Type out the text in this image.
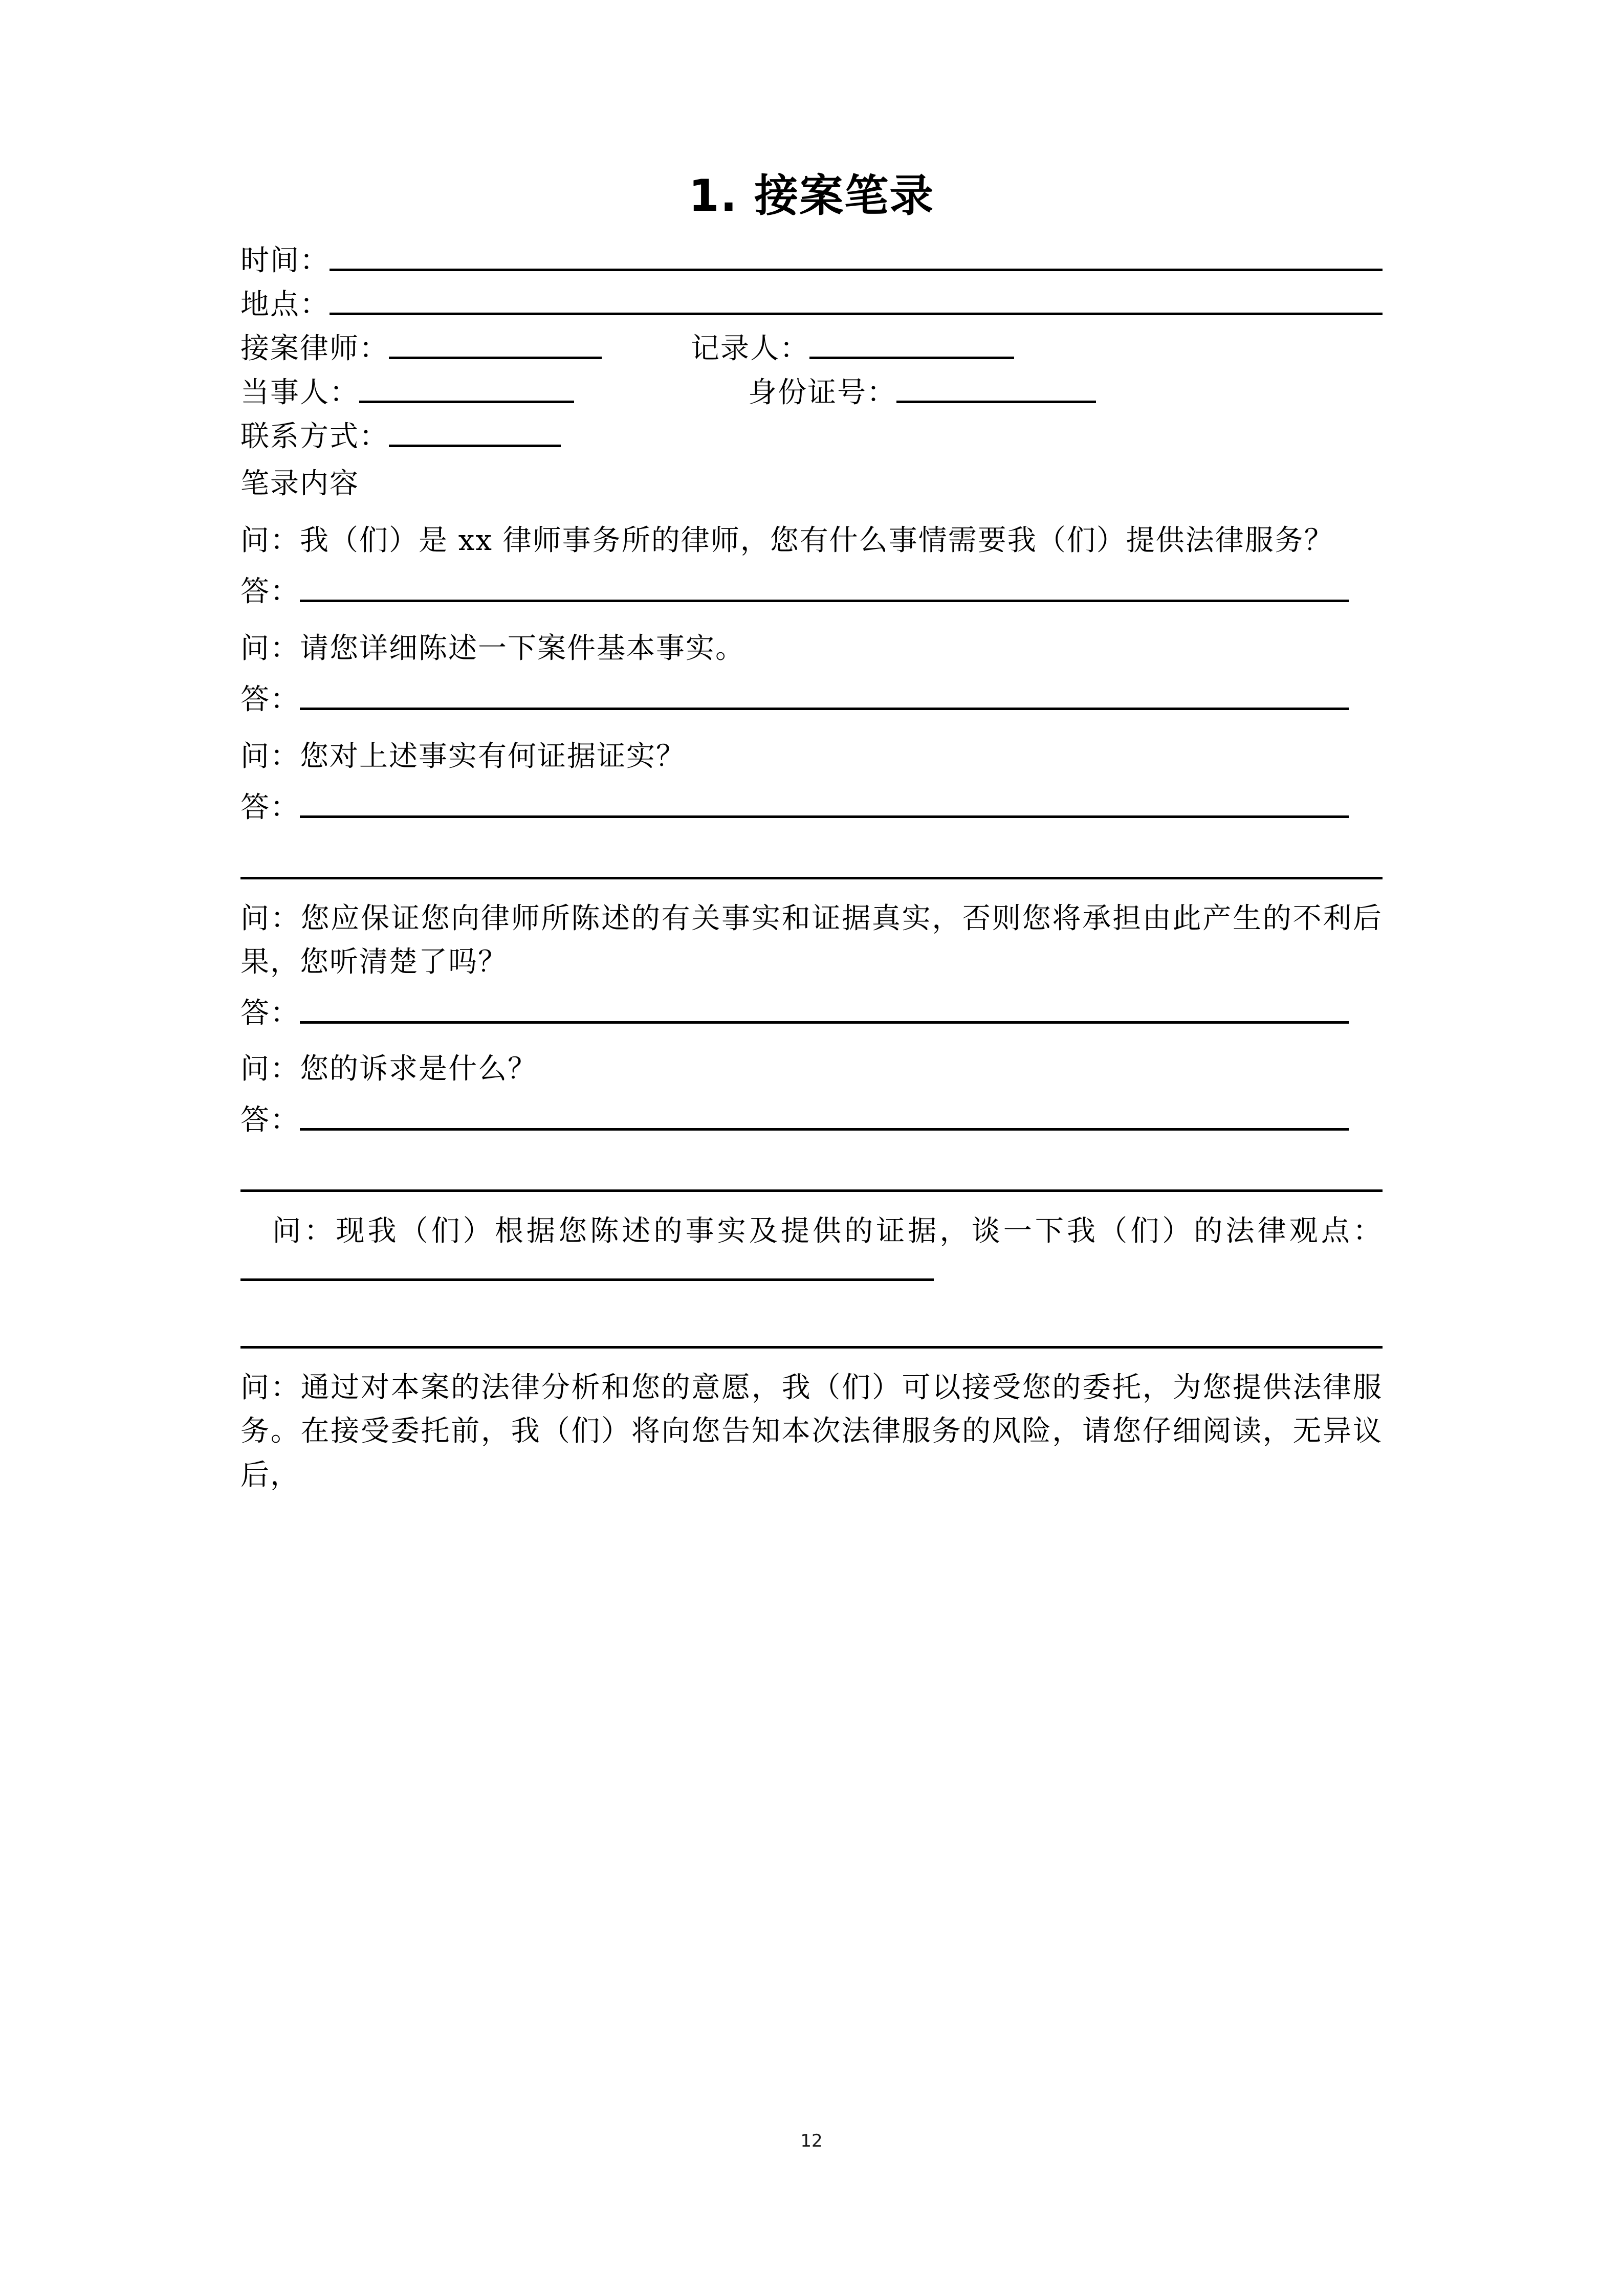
1. 接案笔录
时间：
地点：
接案律师：	记录人：
当事人：	身份证号：
联系方式：
笔录内容

问：我（们）是 xx 律师事务所的律师，您有什么事情需要我（们）提供法律服务？

答：

问：请您详细陈述一下案件基本事实。

答：

问：您对上述事实有何证据证实？

答：

问：您应保证您向律师所陈述的有关事实和证据真实，否则您将承担由此产生的不利后果，您听清楚了吗？

答：

问：您的诉求是什么？

答：

　问：现我（们）根据您陈述的事实及提供的证据，谈一下我（们）的法律观点：

问：通过对本案的法律分析和您的意愿，我（们）可以接受您的委托，为您提供法律服务。在接受委托前，我（们）将向您告知本次法律服务的风险，请您仔细阅读，无异议后，

12
